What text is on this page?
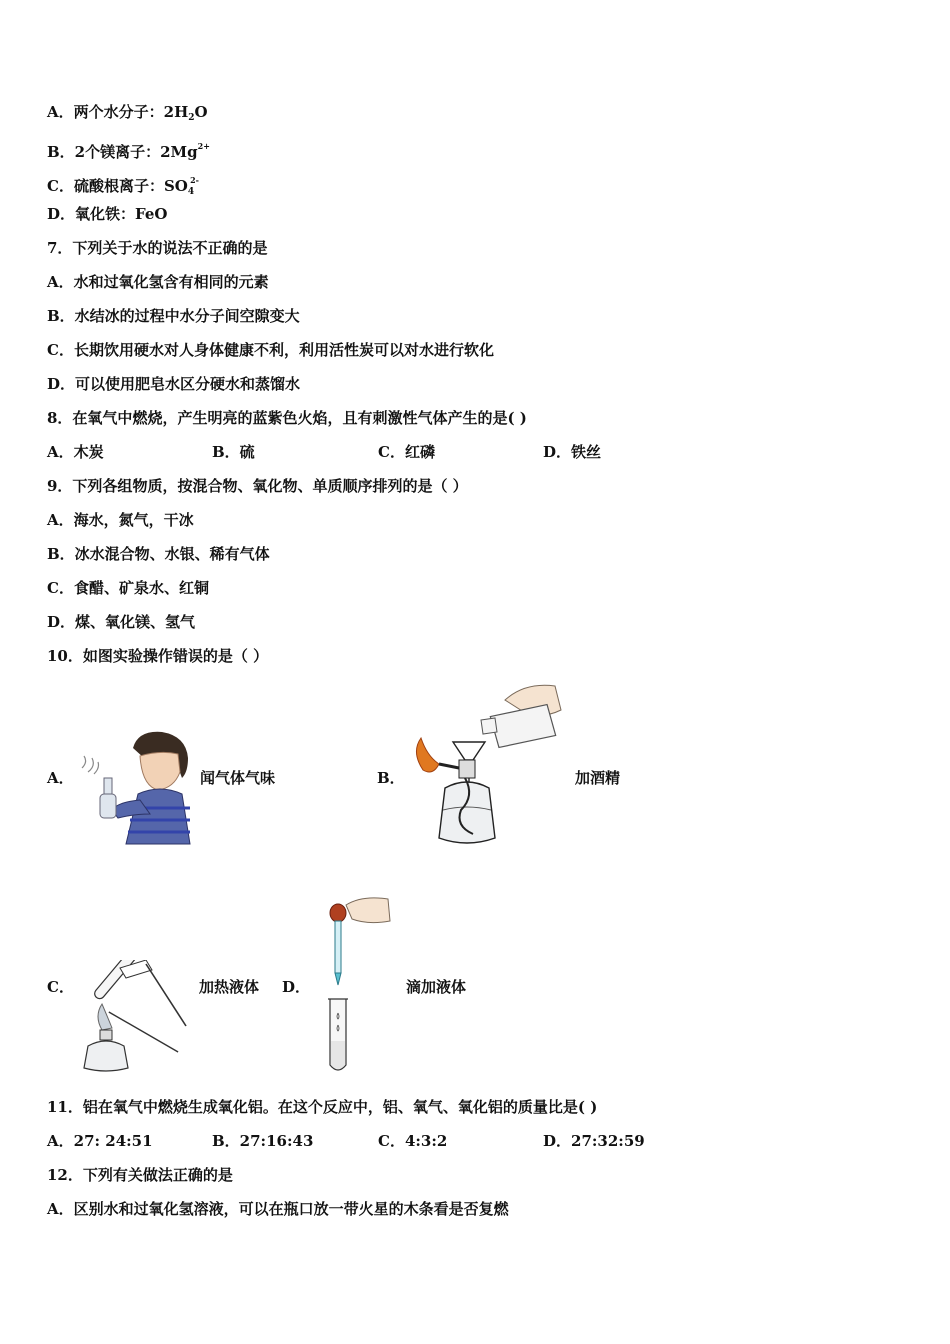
A．两个水分子：$2H_2O$
B．2个镁离子：$2Mg^{2+}$
C．硫酸根离子：$SO_4^{2-}$
D．氧化铁：FeO
7．下列关于水的说法不正确的是
A．水和过氧化氢含有相同的元素
B．水结冰的过程中水分子间空隙变大
C．长期饮用硬水对人身体健康不利，利用活性炭可以对水进行软化
D．可以使用肥皂水区分硬水和蒸馏水
8．在氧气中燃烧，产生明亮的蓝紫色火焰，且有刺激性气体产生的是( )
A．木炭	B．硫	C．红磷	D．铁丝
9．下列各组物质，按混合物、氧化物、单质顺序排列的是（ ）
A．海水，氮气，干冰
B．冰水混合物、水银、稀有气体
C．食醋、矿泉水、红铜
D．煤、氧化镁、氢气
10．如图实验操作错误的是（ ）
A．	闻气体气味	B．	加酒精
C．	加热液体 D．	滴加液体
11．铝在氧气中燃烧生成氧化铝。在这个反应中，铝、氧气、氧化铝的质量比是( )
A．27: 24:51	B．27:16:43	C．4:3:2	D．27:32:59
12．下列有关做法正确的是
A．区别水和过氧化氢溶液，可以在瓶口放一带火星的木条看是否复燃
